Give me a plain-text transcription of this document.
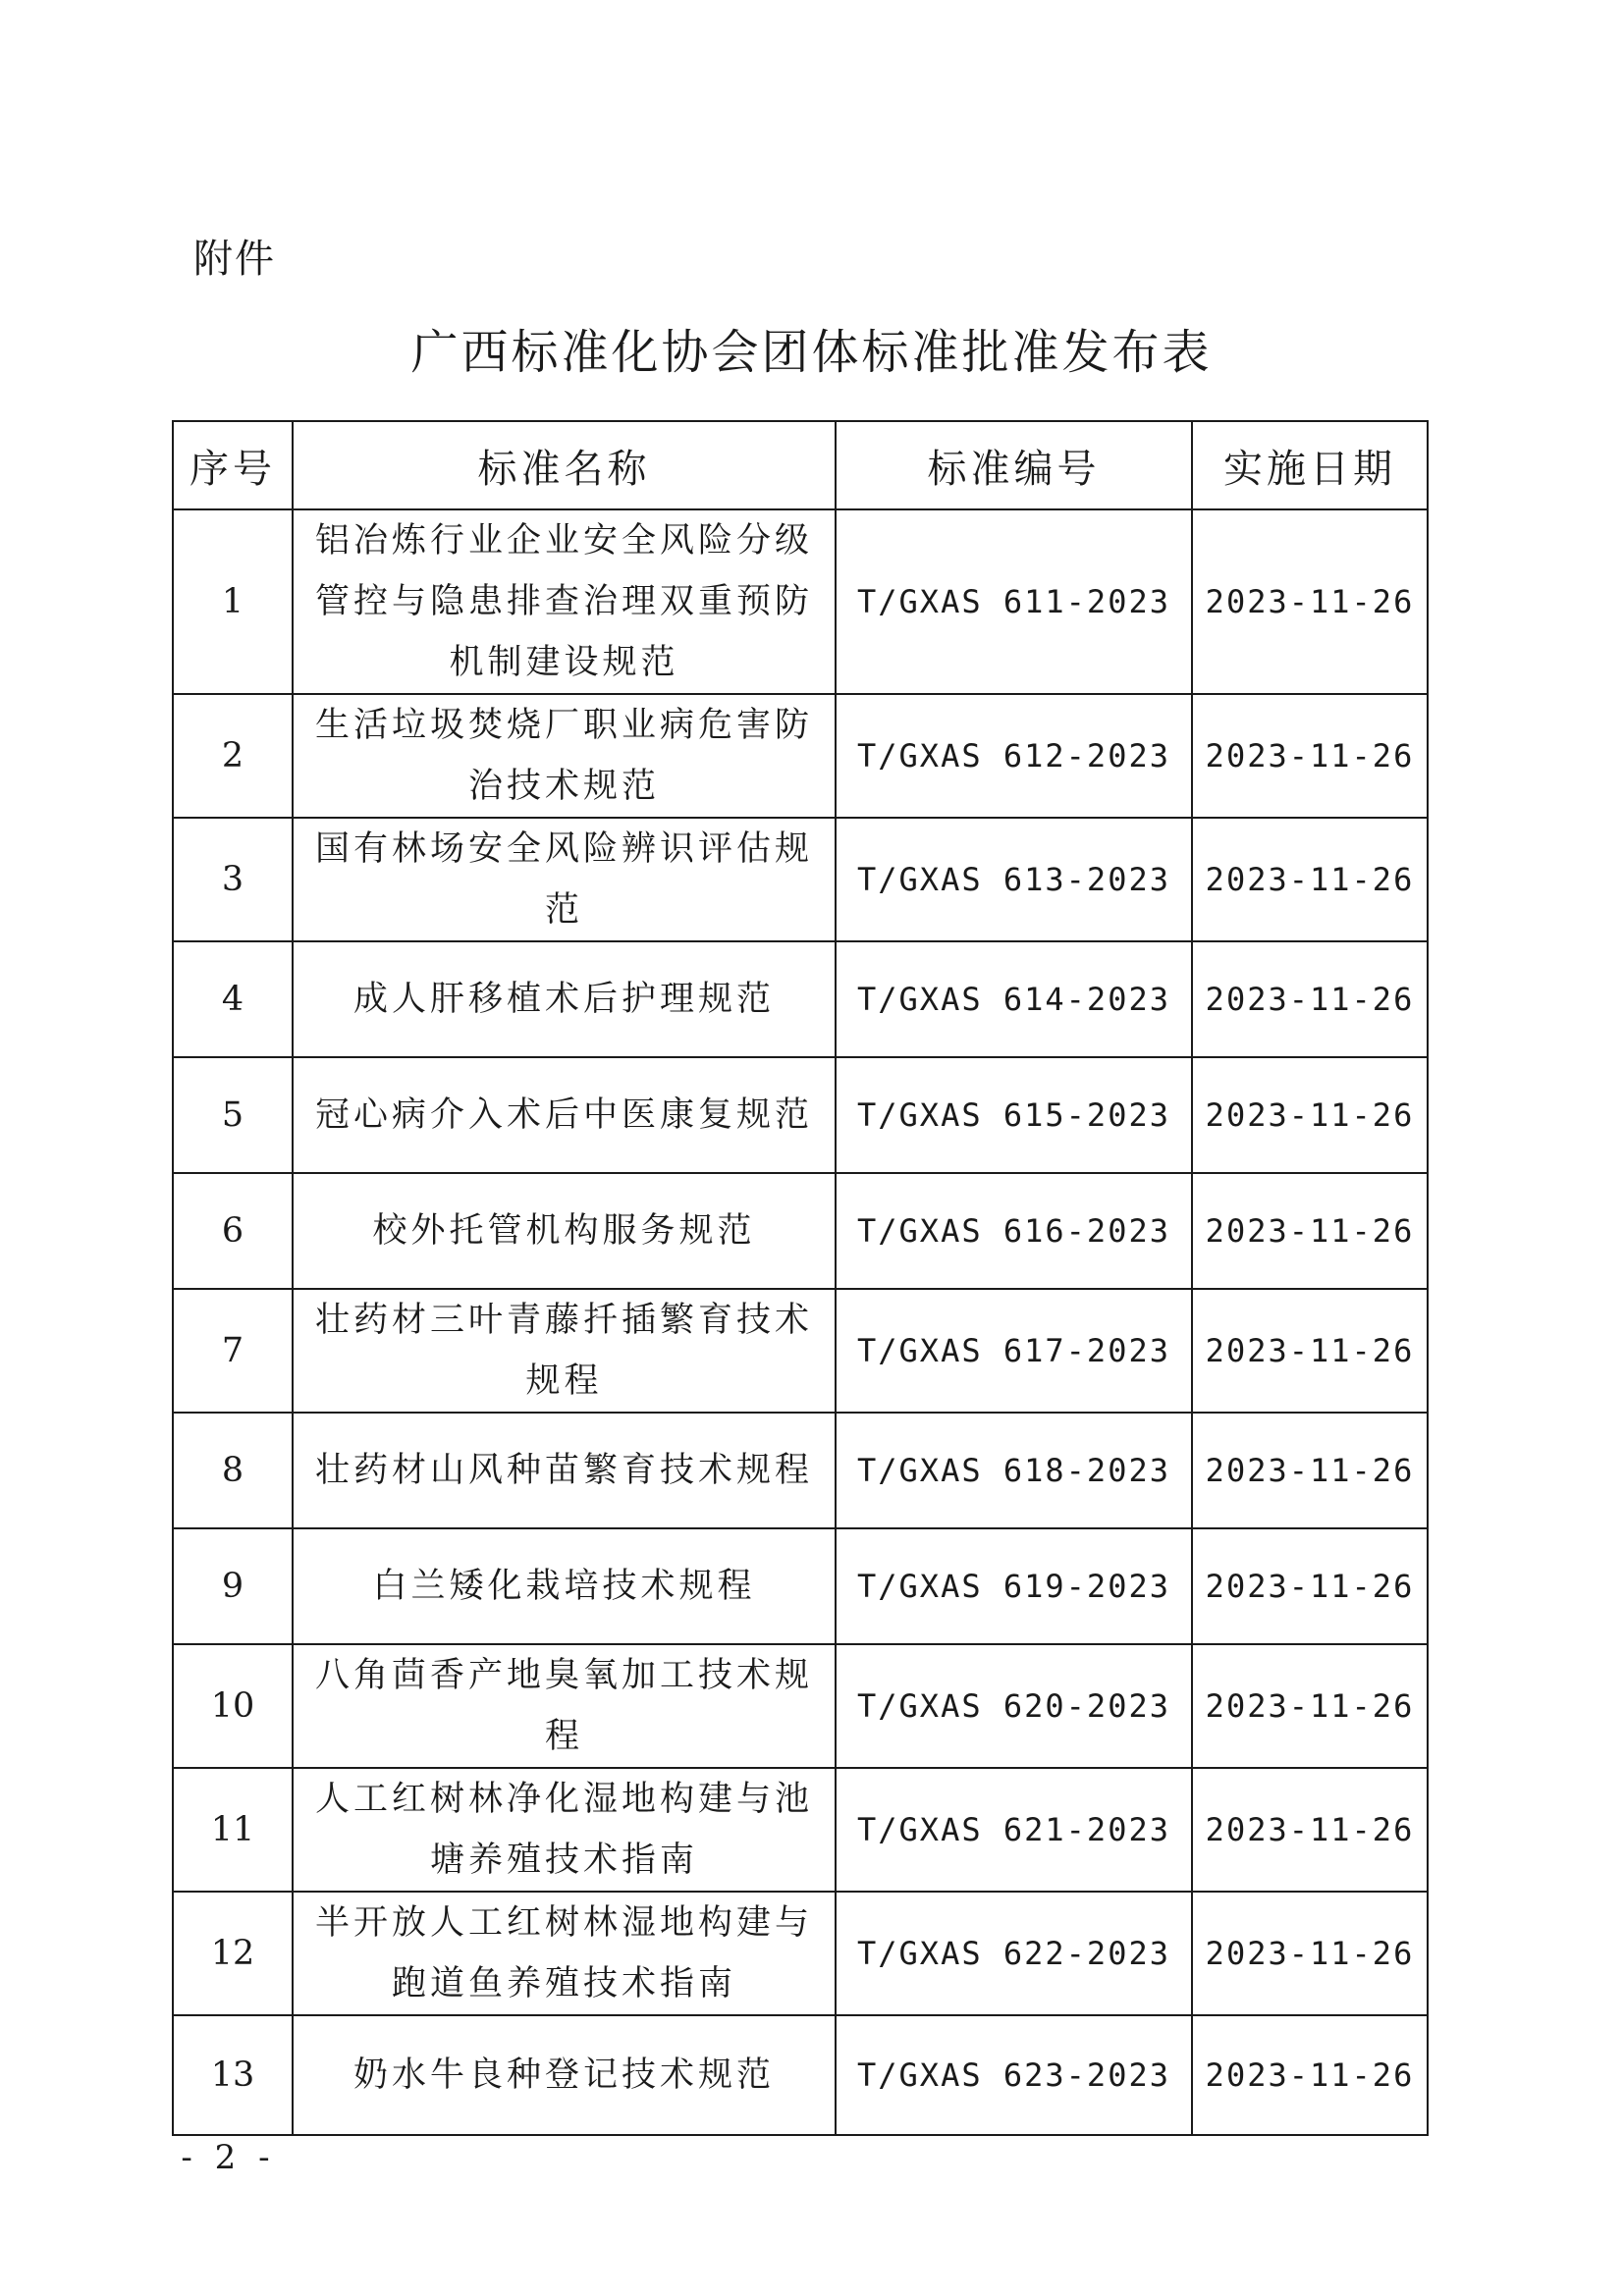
附件
广西标准化协会团体标准批准发布表
序号	标准名称	标准编号	实施日期
1	铝冶炼行业企业安全风险分级管控与隐患排查治理双重预防机制建设规范	T/GXAS 611-2023	2023-11-26
2	生活垃圾焚烧厂职业病危害防治技术规范	T/GXAS 612-2023	2023-11-26
3	国有林场安全风险辨识评估规范	T/GXAS 613-2023	2023-11-26
4	成人肝移植术后护理规范	T/GXAS 614-2023	2023-11-26
5	冠心病介入术后中医康复规范	T/GXAS 615-2023	2023-11-26
6	校外托管机构服务规范	T/GXAS 616-2023	2023-11-26
7	壮药材三叶青藤扦插繁育技术规程	T/GXAS 617-2023	2023-11-26
8	壮药材山风种苗繁育技术规程	T/GXAS 618-2023	2023-11-26
9	白兰矮化栽培技术规程	T/GXAS 619-2023	2023-11-26
10	八角茴香产地臭氧加工技术规程	T/GXAS 620-2023	2023-11-26
11	人工红树林净化湿地构建与池塘养殖技术指南	T/GXAS 621-2023	2023-11-26
12	半开放人工红树林湿地构建与跑道鱼养殖技术指南	T/GXAS 622-2023	2023-11-26
13	奶水牛良种登记技术规范	T/GXAS 623-2023	2023-11-26
- 2 -
